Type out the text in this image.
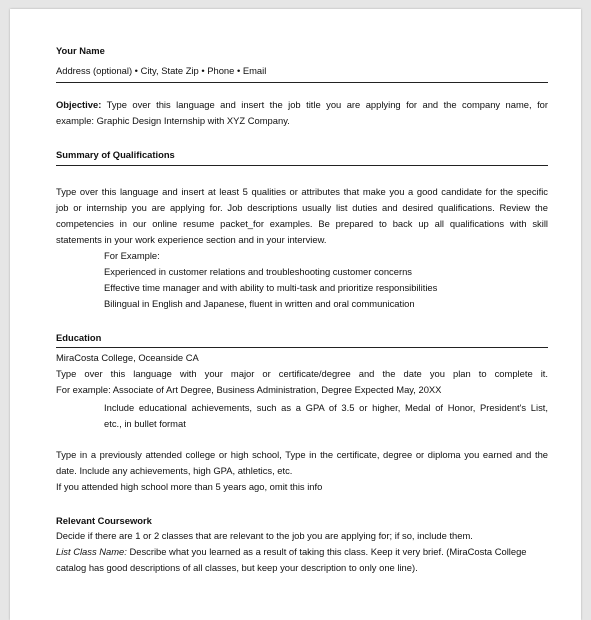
Your Name
Address (optional) • City, State Zip • Phone • Email
Objective: Type over this language and insert the job title you are applying for and the company name, for
example: Graphic Design Internship with XYZ Company.
Summary of Qualifications
Type over this language and insert at least 5 qualities or attributes that make you a good candidate for the specific
job or internship you are applying for. Job descriptions usually list duties and desired qualifications. Review the
competencies in our online resume packet_for examples. Be prepared to back up all qualifications with skill
statements in your work experience section and in your interview.
For Example:
Experienced in customer relations and troubleshooting customer concerns
Effective time manager and with ability to multi-task and prioritize responsibilities
Bilingual in English and Japanese, fluent in written and oral communication
Education
MiraCosta College, Oceanside CA
Type over this language with your major or certificate/degree and the date you plan to complete it.
For example: Associate of Art Degree, Business Administration, Degree Expected May, 20XX
Include educational achievements, such as a GPA of 3.5 or higher, Medal of Honor, President's List,
etc., in bullet format
Type in a previously attended college or high school, Type in the certificate, degree or diploma you earned and the
date. Include any achievements, high GPA, athletics, etc.
If you attended high school more than 5 years ago, omit this info
Relevant Coursework
Decide if there are 1 or 2 classes that are relevant to the job you are applying for; if so, include them.
List Class Name: Describe what you learned as a result of taking this class. Keep it very brief. (MiraCosta College
catalog has good descriptions of all classes, but keep your description to only one line).
